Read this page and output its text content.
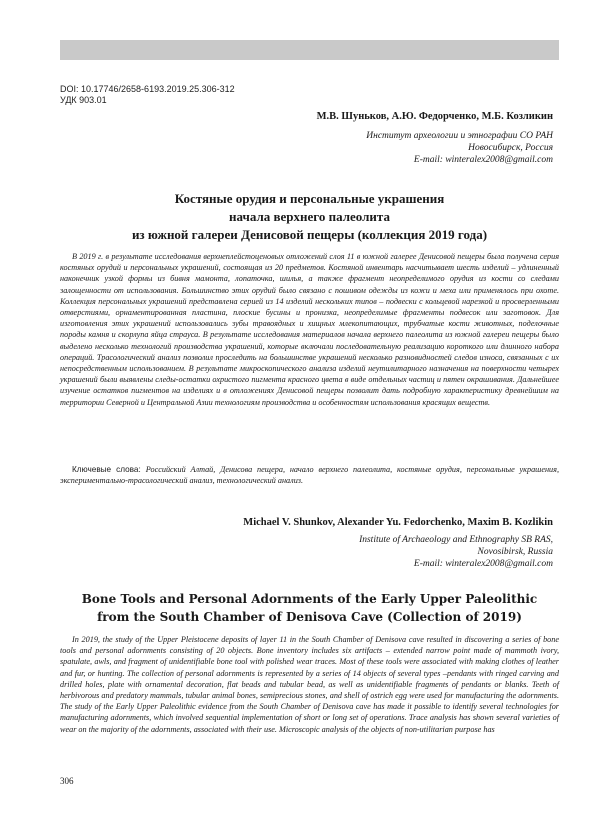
DOI: 10.17746/2658-6193.2019.25.306-312
УДК 903.01
М.В. Шуньков, А.Ю. Федорченко, М.Б. Козликин
Институт археологии и этнографии СО РАН
Новосибирск, Россия
E-mail: winteralex2008@gmail.com
Костяные орудия и персональные украшения
начала верхнего палеолита
из южной галереи Денисовой пещеры (коллекция 2019 года)

В 2019 г. в результате исследования верхнеплейстоценовых отложений слоя 11 в южной галерее Денисовой пещеры была получена серия костяных орудий и персональных украшений, состоящая из 20 предметов. Костяной инвентарь насчитывает шесть изделий – удлиненный наконечник узкой формы из бивня мамонта, лопаточка, шилья, а также фрагмент неопределимого орудия из кости со следами залощенности от использования. Большинство этих орудий было связано с пошивом одежды из кожи и меха или применялось при охоте. Коллекция персональных украшений представлена серией из 14 изделий нескольких типов – подвески с кольцевой нарезкой и просверленными отверстиями, орнаментированная пластина, плоские бусины и пронизка, неопределимые фрагменты подвесок или заготовок. Для изготовления этих украшений использовались зубы травоядных и хищных млекопитающих, трубчатые кости животных, поделочные породы камня и скорлупа яйца страуса. В результате исследования материалов начала верхнего палеолита из южной галереи пещеры было выделено несколько технологий производства украшений, которые включали последовательную реализацию короткого или длинного набора операций. Трасологический анализ позволил проследить на большинстве украшений несколько разновидностей следов износа, связанных с их непосредственным использованием. В результате микроскопического анализа изделий неутилитарного назначения на поверхности четырех украшений были выявлены следы-остатки охристого пигмента красного цвета в виде отдельных частиц и пятен окрашивания. Дальнейшее изучение остатков пигментов на изделиях и в отложениях Денисовой пещеры позволит дать подробную характеристику древнейшим на территории Северной и Центральной Азии технологиям производства и особенностям использования красящих веществ.

Ключевые слова: Российский Алтай, Денисова пещера, начало верхнего палеолита, костяные орудия, персональные украшения, экспериментально-трасологический анализ, технологический анализ.

Michael V. Shunkov, Alexander Yu. Fedorchenko, Maxim B. Kozlikin
Institute of Archaeology and Ethnography SB RAS,
Novosibirsk, Russia
E-mail: winteralex2008@gmail.com
Bone Tools and Personal Adornments of the Early Upper Paleolithic
from the South Chamber of Denisova Cave (Collection of 2019)

In 2019, the study of the Upper Pleistocene deposits of layer 11 in the South Chamber of Denisova cave resulted in discovering a series of bone tools and personal adornments consisting of 20 objects. Bone inventory includes six artifacts – extended narrow point made of mammoth ivory, spatulate, awls, and fragment of unidentifiable bone tool with polished wear traces. Most of these tools were associated with making clothes of leather and fur, or hunting. The collection of personal adornments is represented by a series of 14 objects of several types –pendants with ringed carving and drilled holes, plate with ornamental decoration, flat beads and tubular bead, as well as unidentifiable fragments of pendants or blanks. Teeth of herbivorous and predatory mammals, tubular animal bones, semiprecious stones, and shell of ostrich egg were used for manufacturing the adornments. The study of the Early Upper Paleolithic evidence from the South Chamber of Denisova cave has made it possible to identify several technologies for manufacturing adornments, which involved sequential implementation of short or long set of operations. Trace analysis has shown several varieties of wear on the majority of the adornments, associated with their use. Microscopic analysis of the objects of non-utilitarian purpose has

306
